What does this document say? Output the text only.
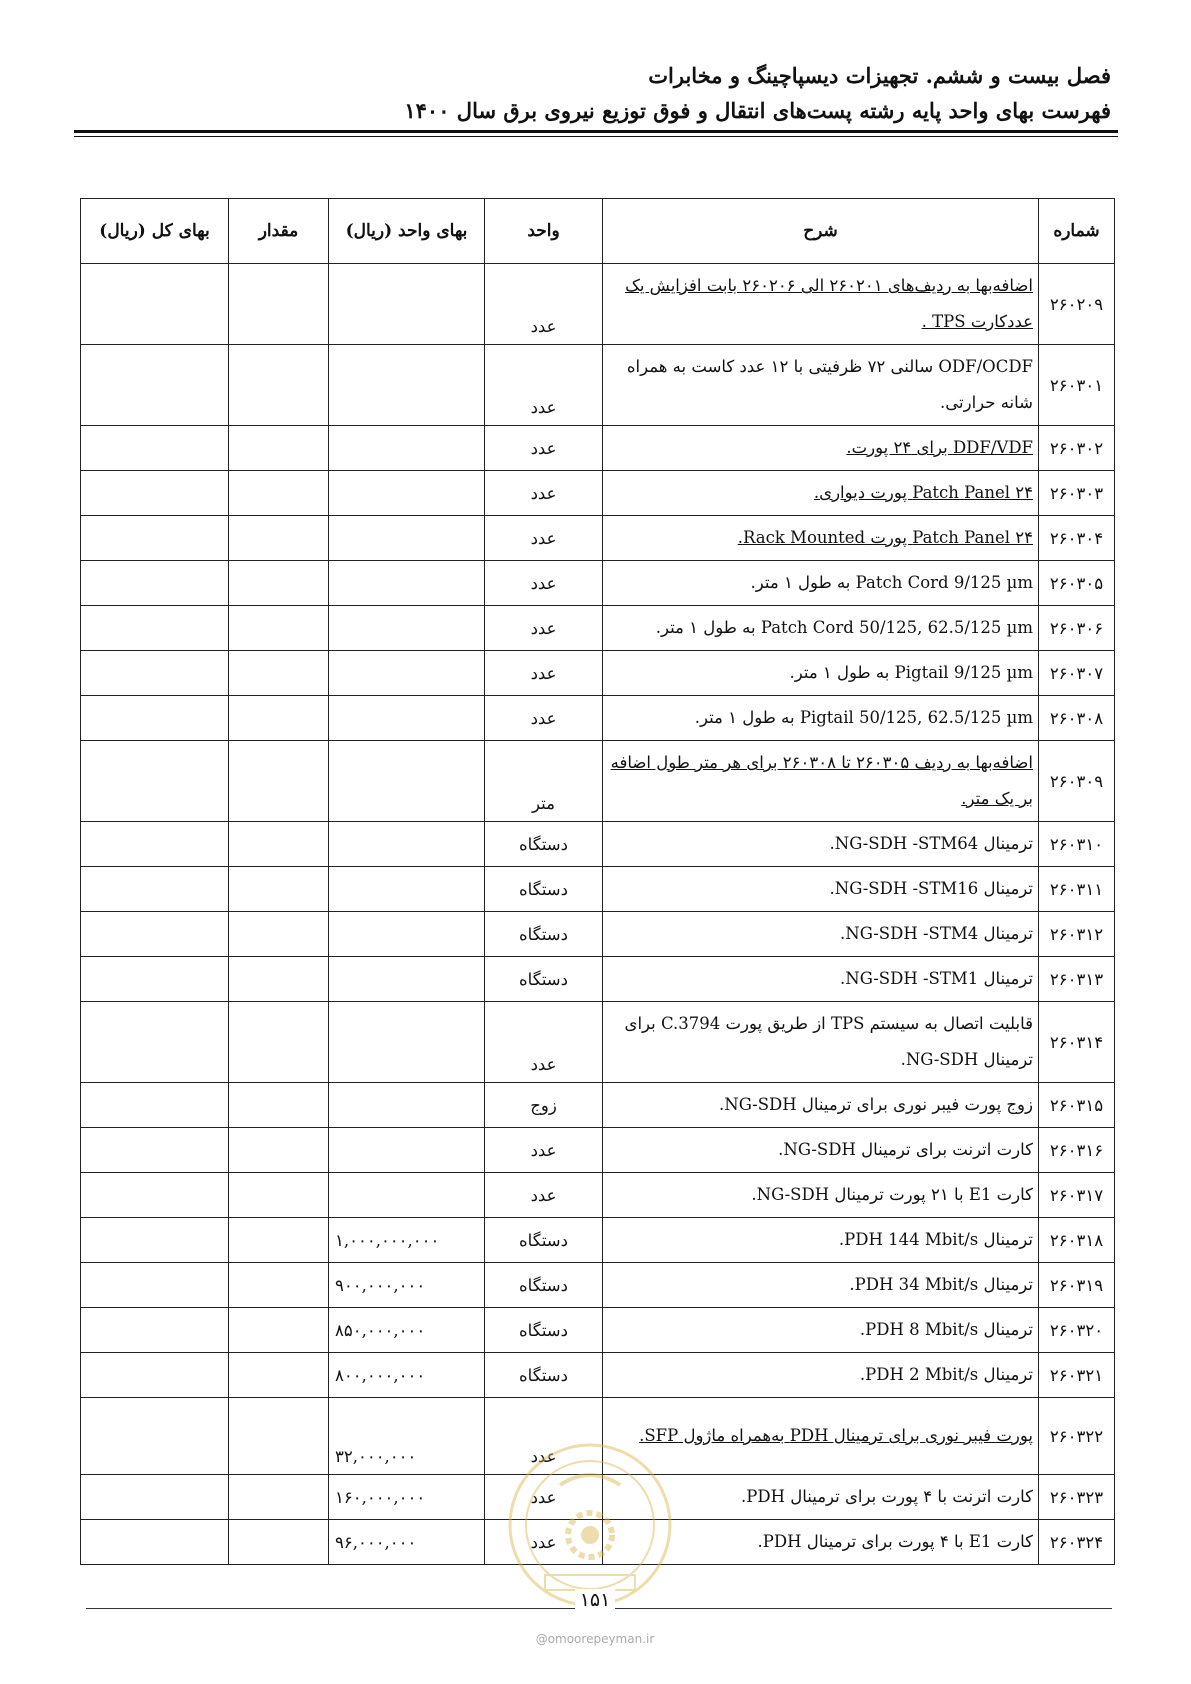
فصل بیست و ششم. تجهیزات دیسپاچینگ و مخابرات
فهرست بهای واحد پایه رشته پست‌های انتقال و فوق توزیع نیروی برق سال ۱۴۰۰
شماره	شرح	واحد	بهای واحد (ریال)	مقدار	بهای کل (ریال)
۲۶۰۲۰۹	اضافه‌بها به ردیف‌های ۲۶۰۲۰۱ الی ۲۶۰۲۰۶ بابت افزایش یک عددکارت TPS .	عدد			
۲۶۰۳۰۱	ODF/OCDF سالنی ۷۲ ظرفیتی با ۱۲ عدد کاست به همراه شانه حرارتی.	عدد			
۲۶۰۳۰۲	DDF/VDF برای ۲۴ پورت.	عدد			
۲۶۰۳۰۳	Patch Panel ۲۴ پورت دیواری.	عدد			
۲۶۰۳۰۴	Patch Panel ۲۴ پورت Rack Mounted.	عدد			
۲۶۰۳۰۵	Patch Cord 9/125 µm به طول ۱ متر.	عدد			
۲۶۰۳۰۶	Patch Cord 50/125, 62.5/125 µm به طول ۱ متر.	عدد			
۲۶۰۳۰۷	Pigtail 9/125 µm به طول ۱ متر.	عدد			
۲۶۰۳۰۸	Pigtail 50/125, 62.5/125 µm به طول ۱ متر.	عدد			
۲۶۰۳۰۹	اضافه‌بها به ردیف ۲۶۰۳۰۵ تا ۲۶۰۳۰۸ برای هر متر طول اضافه بر یک متر.	متر			
۲۶۰۳۱۰	ترمینال NG-SDH -STM64.	دستگاه			
۲۶۰۳۱۱	ترمینال NG-SDH -STM16.	دستگاه			
۲۶۰۳۱۲	ترمینال NG-SDH -STM4.	دستگاه			
۲۶۰۳۱۳	ترمینال NG-SDH -STM1.	دستگاه			
۲۶۰۳۱۴	قابلیت اتصال به سیستم TPS از طریق پورت C.3794 برای ترمینال NG-SDH.	عدد			
۲۶۰۳۱۵	زوج پورت فیبر نوری برای ترمینال NG-SDH.	زوج			
۲۶۰۳۱۶	کارت اترنت برای ترمینال NG-SDH.	عدد			
۲۶۰۳۱۷	کارت E1 با ۲۱ پورت ترمینال NG-SDH.	عدد			
۲۶۰۳۱۸	ترمینال PDH 144 Mbit/s.	دستگاه	۱,۰۰۰,۰۰۰,۰۰۰		
۲۶۰۳۱۹	ترمینال PDH 34 Mbit/s.	دستگاه	۹۰۰,۰۰۰,۰۰۰		
۲۶۰۳۲۰	ترمینال PDH 8 Mbit/s.	دستگاه	۸۵۰,۰۰۰,۰۰۰		
۲۶۰۳۲۱	ترمینال PDH 2 Mbit/s.	دستگاه	۸۰۰,۰۰۰,۰۰۰		
۲۶۰۳۲۲	پورت فیبر نوری برای ترمینال PDH به‌همراه ماژول SFP.	عدد	۳۲,۰۰۰,۰۰۰		
۲۶۰۳۲۳	کارت اترنت با ۴ پورت برای ترمینال PDH.	عدد	۱۶۰,۰۰۰,۰۰۰		
۲۶۰۳۲۴	کارت E1 با ۴ پورت برای ترمینال PDH.	عدد	۹۶,۰۰۰,۰۰۰		
۱۵۱
@omoorepeyman.ir
